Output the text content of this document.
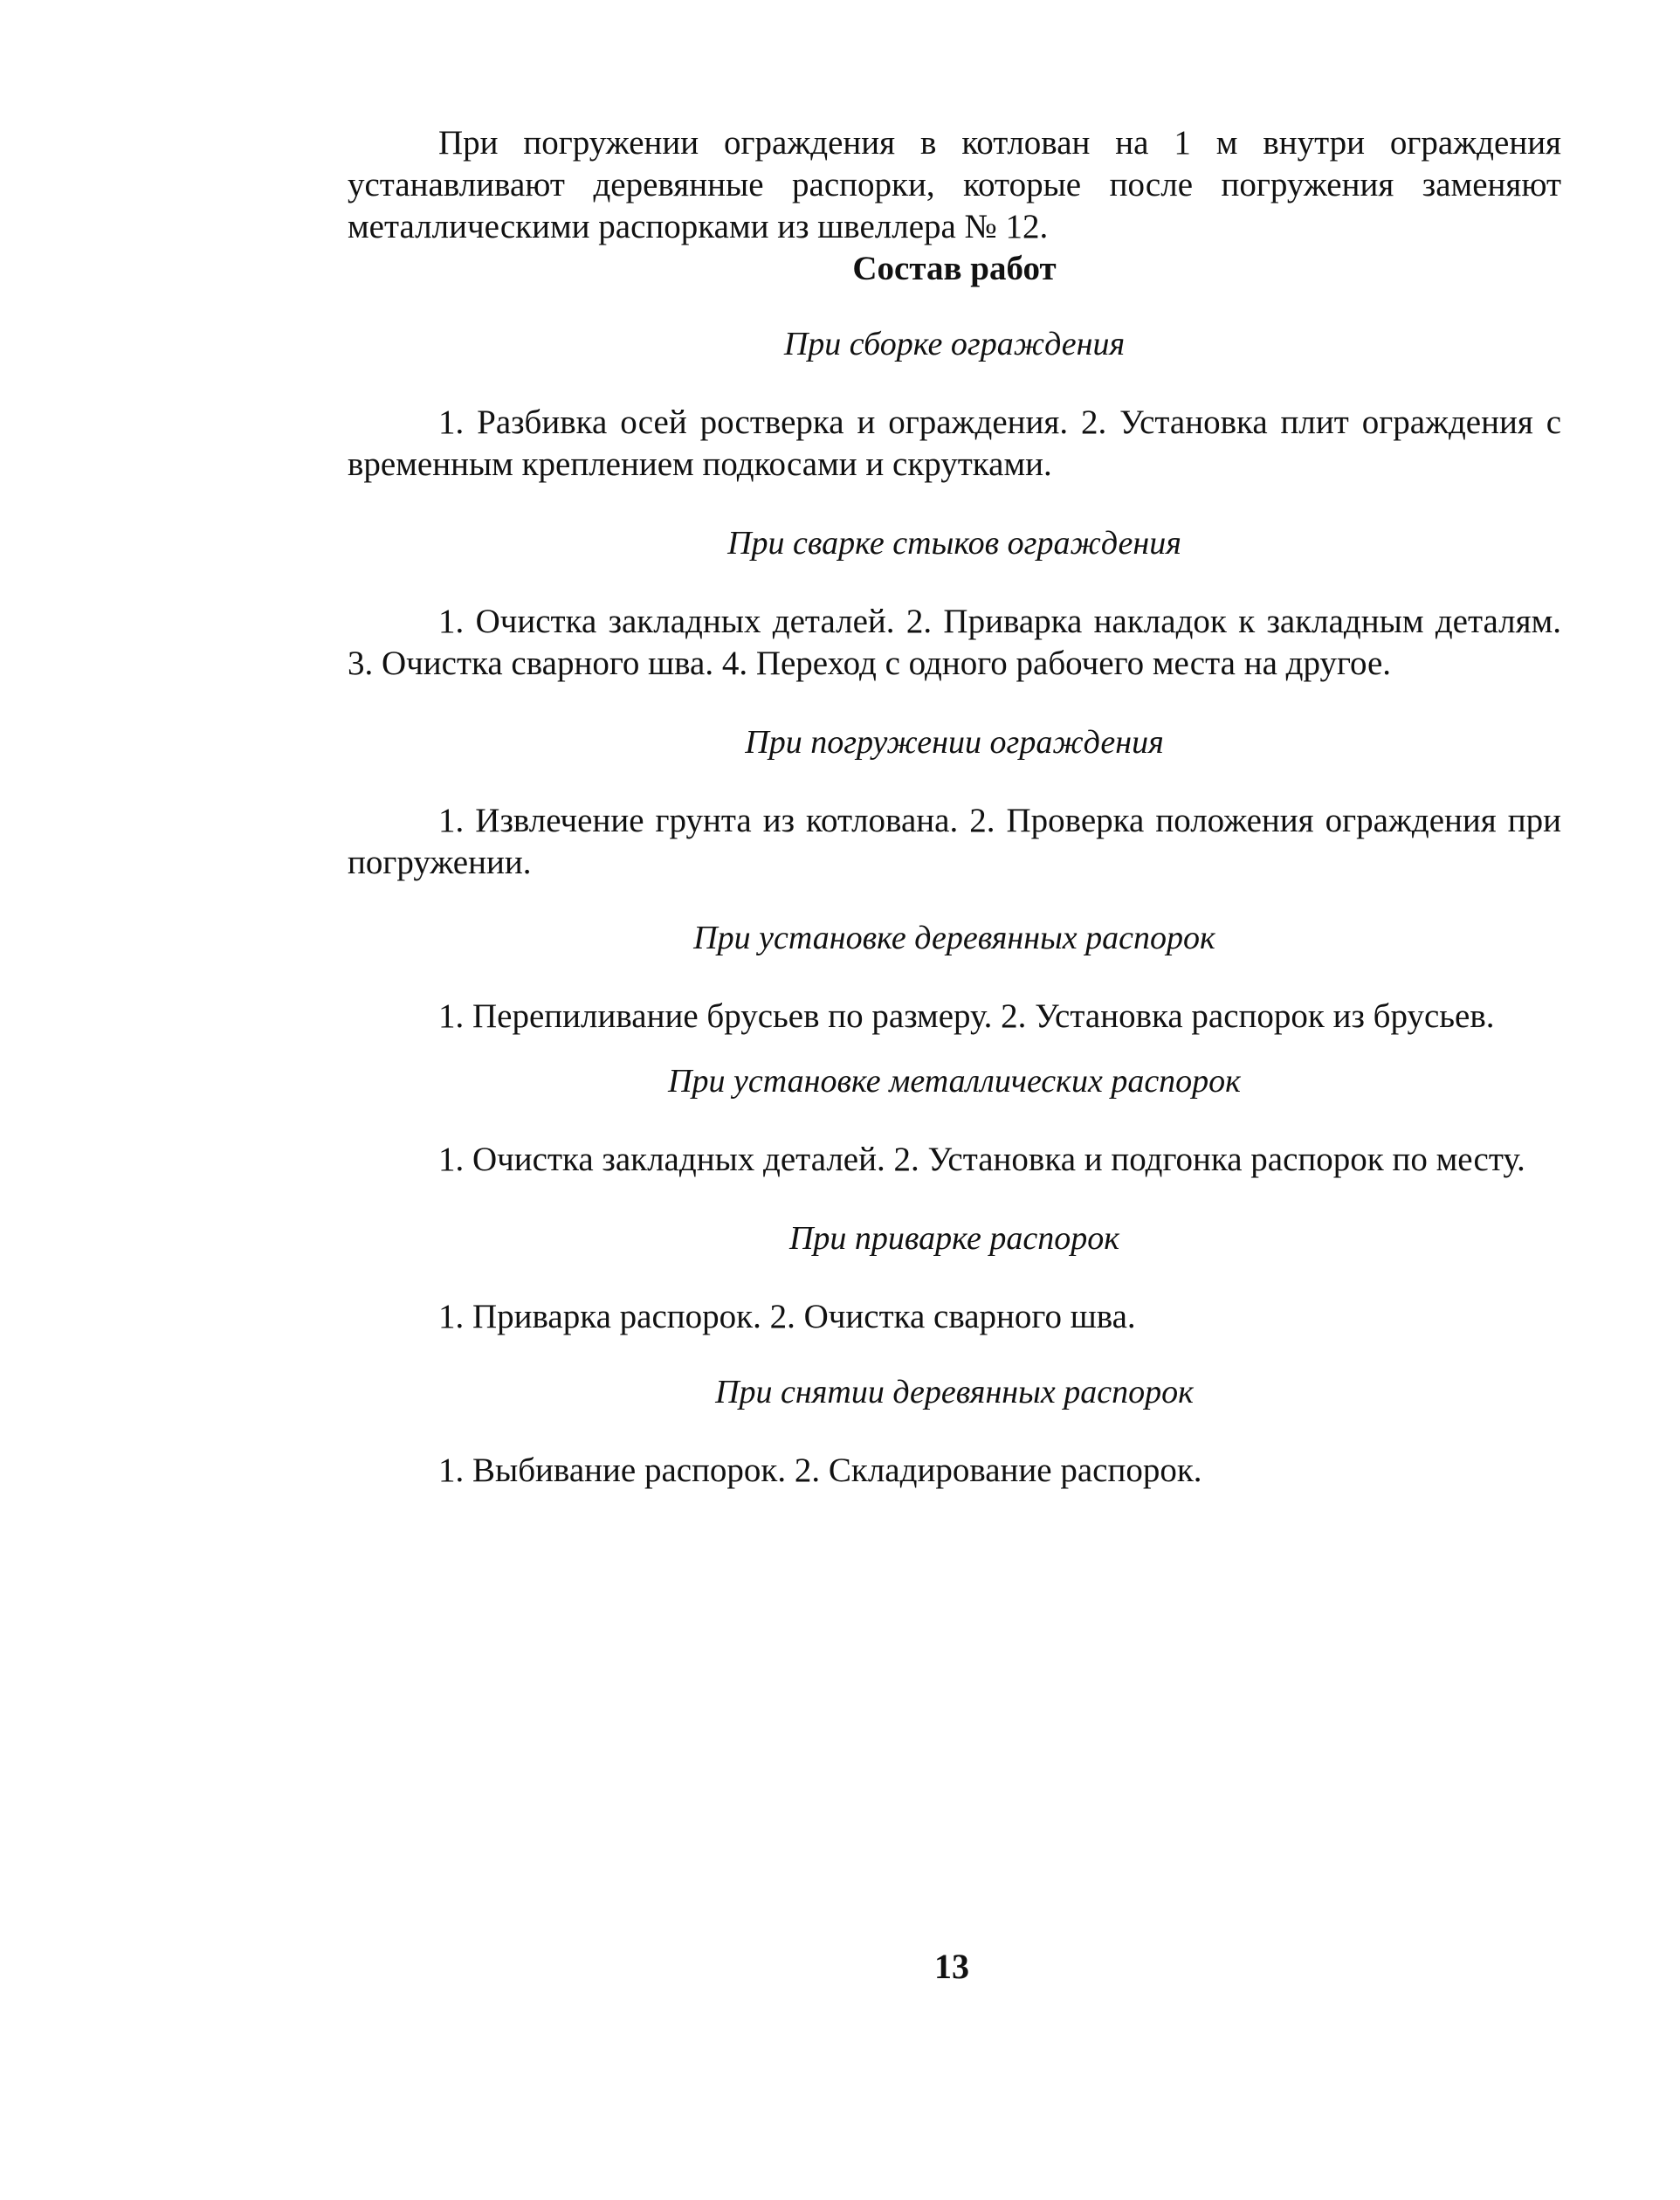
При погружении ограждения в котлован на 1 м внутри ограждения устанавливают деревянные распорки, которые после погружения заменяют металлическими распорками из швеллера № 12.

Состав работ

При сборке ограждения

1. Разбивка осей ростверка и ограждения. 2. Установка плит ограждения с временным креплением подкосами и скрутками.

При сварке стыков ограждения

1. Очистка закладных деталей. 2. Приварка накладок к закладным деталям. 3. Очистка сварного шва. 4. Переход с одного рабочего места на другое.

При погружении ограждения

1. Извлечение грунта из котлована. 2. Проверка положения ограждения при погружении.

При установке деревянных распорок

1. Перепиливание брусьев по размеру. 2. Установка распорок из брусьев.

При установке металлических распорок

1. Очистка закладных деталей. 2. Установка и подгонка распорок по месту.

При приварке распорок

1. Приварка распорок. 2. Очистка сварного шва.

При снятии деревянных распорок

1. Выбивание распорок. 2. Складирование распорок.

13
